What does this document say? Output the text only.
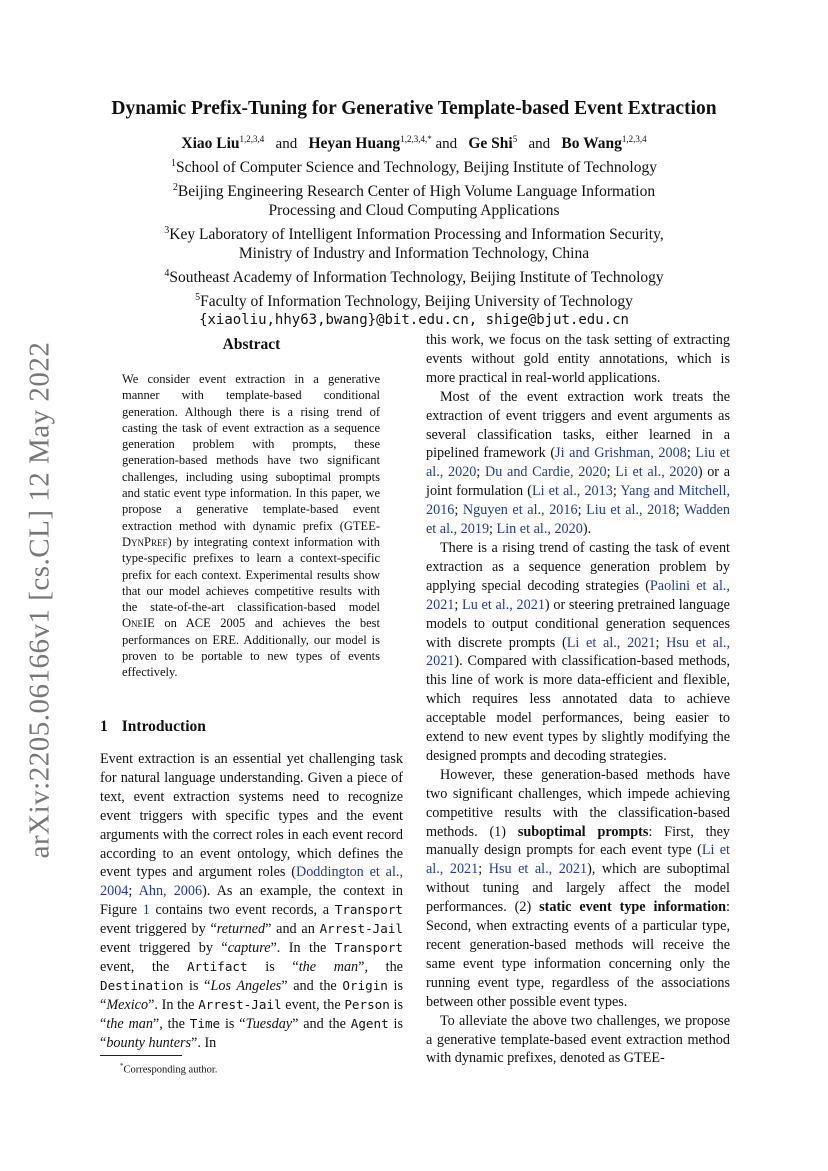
arXiv:2205.06166v1 [cs.CL] 12 May 2022
Dynamic Prefix-Tuning for Generative Template-based Event Extraction
Xiao Liu$^{1,2,3,4}$ and Heyan Huang$^{1,2,3,4,*}$ and Ge Shi$^5$ and Bo Wang$^{1,2,3,4}$
$^1$School of Computer Science and Technology, Beijing Institute of Technology
$^2$Beijing Engineering Research Center of High Volume Language Information
Processing and Cloud Computing Applications
$^3$Key Laboratory of Intelligent Information Processing and Information Security,
Ministry of Industry and Information Technology, China
$^4$Southeast Academy of Information Technology, Beijing Institute of Technology
$^5$Faculty of Information Technology, Beijing University of Technology
{xiaoliu,hhy63,bwang}@bit.edu.cn, shige@bjut.edu.cn
Abstract
We consider event extraction in a generative manner with template-based conditional generation. Although there is a rising trend of casting the task of event extraction as a sequence generation problem with prompts, these generation-based methods have two significant challenges, including using suboptimal prompts and static event type information. In this paper, we propose a generative template-based event extraction method with dynamic prefix (GTEE-DynPref) by integrating context information with type-specific prefixes to learn a context-specific prefix for each context. Experimental results show that our model achieves competitive results with the state-of-the-art classification-based model OneIE on ACE 2005 and achieves the best performances on ERE. Additionally, our model is proven to be portable to new types of events effectively.
1 Introduction

Event extraction is an essential yet challenging task for natural language understanding. Given a piece of text, event extraction systems need to recognize event triggers with specific types and the event arguments with the correct roles in each event record according to an event ontology, which defines the event types and argument roles (Doddington et al., 2004; Ahn, 2006). As an example, the context in Figure 1 contains two event records, a Transport event triggered by “returned” and an Arrest-Jail event triggered by “capture”. In the Transport event, the Artifact is “the man”, the Destination is “Los Angeles” and the Origin is “Mexico”. In the Arrest-Jail event, the Person is “the man”, the Time is “Tuesday” and the Agent is “bounty hunters”. In

this work, we focus on the task setting of extracting events without gold entity annotations, which is more practical in real-world applications.

Most of the event extraction work treats the extraction of event triggers and event arguments as several classification tasks, either learned in a pipelined framework (Ji and Grishman, 2008; Liu et al., 2020; Du and Cardie, 2020; Li et al., 2020) or a joint formulation (Li et al., 2013; Yang and Mitchell, 2016; Nguyen et al., 2016; Liu et al., 2018; Wadden et al., 2019; Lin et al., 2020).

There is a rising trend of casting the task of event extraction as a sequence generation problem by applying special decoding strategies (Paolini et al., 2021; Lu et al., 2021) or steering pretrained language models to output conditional generation sequences with discrete prompts (Li et al., 2021; Hsu et al., 2021). Compared with classification-based methods, this line of work is more data-efficient and flexible, which requires less annotated data to achieve acceptable model performances, being easier to extend to new event types by slightly modifying the designed prompts and decoding strategies.

However, these generation-based methods have two significant challenges, which impede achieving competitive results with the classification-based methods. (1) suboptimal prompts: First, they manually design prompts for each event type (Li et al., 2021; Hsu et al., 2021), which are suboptimal without tuning and largely affect the model performances. (2) static event type information: Second, when extracting events of a particular type, recent generation-based methods will receive the same event type information concerning only the running event type, regardless of the associations between other possible event types.

To alleviate the above two challenges, we propose a generative template-based event extraction method with dynamic prefixes, denoted as GTEE-

*Corresponding author.
